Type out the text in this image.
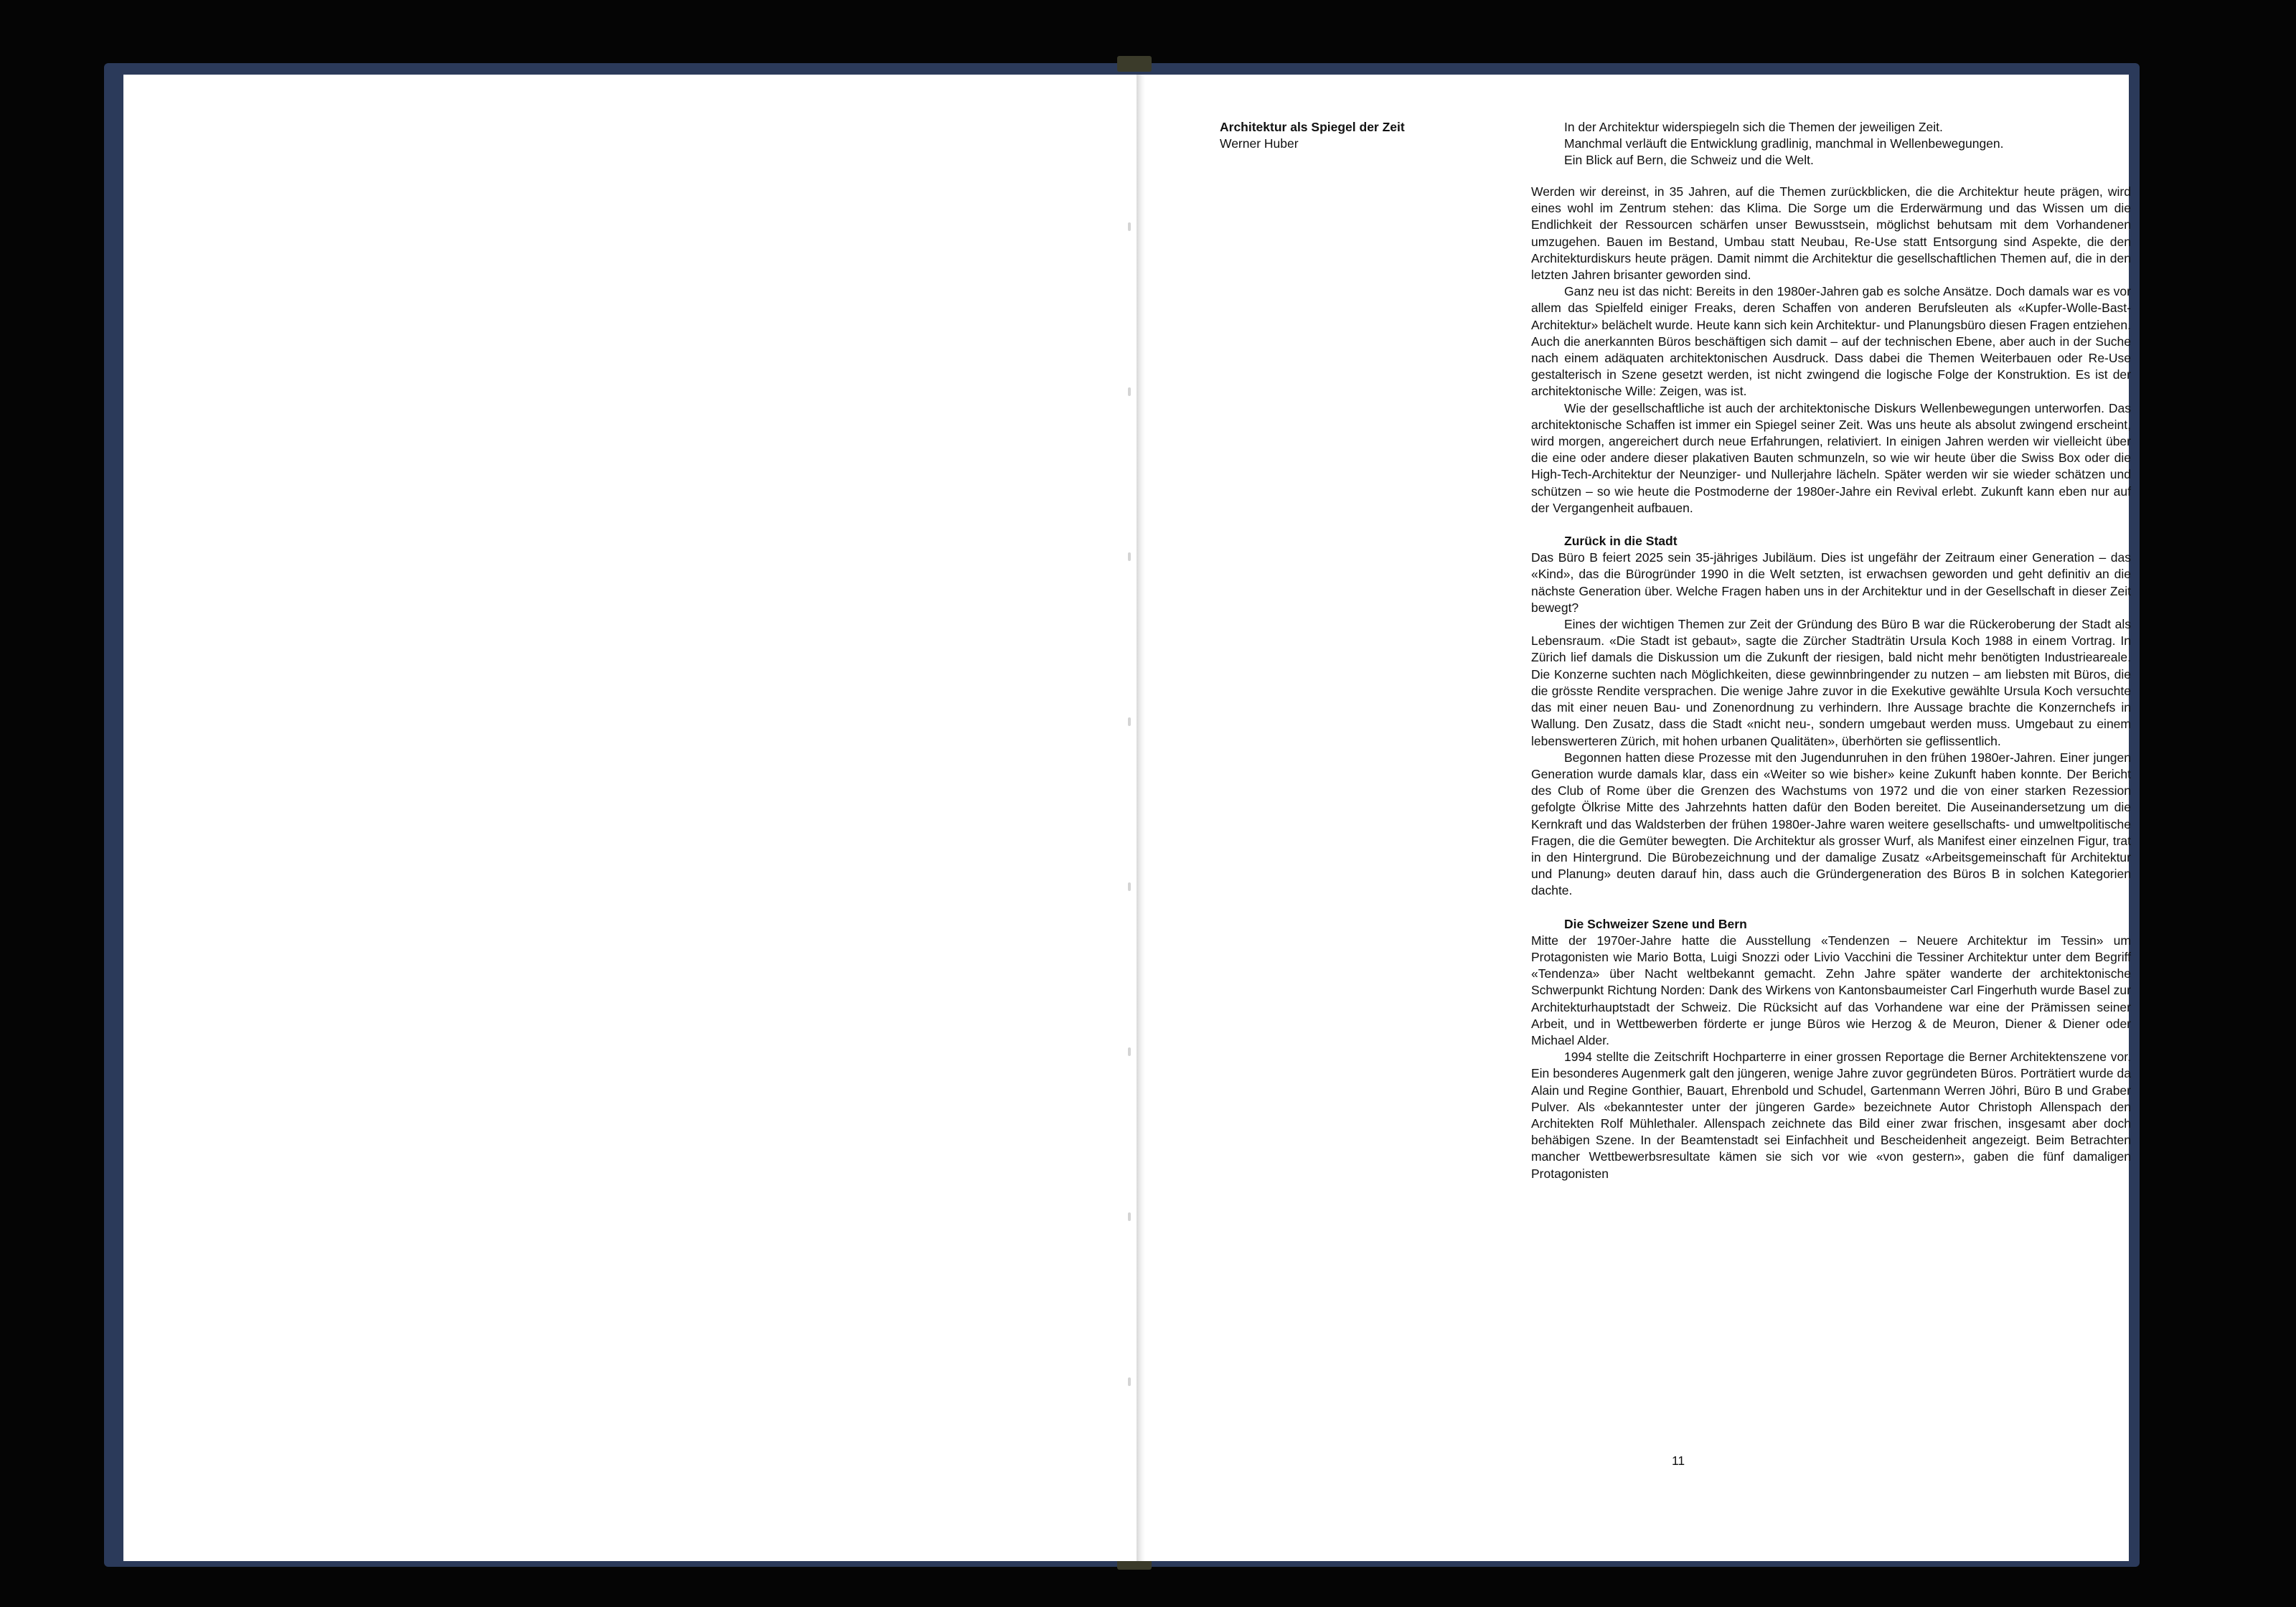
Architektur als Spiegel der Zeit
Werner Huber
In der Architektur widerspiegeln sich die Themen der jeweiligen Zeit.
Manchmal verläuft die Entwicklung gradlinig, manchmal in Wellenbewegungen.
Ein Blick auf Bern, die Schweiz und die Welt.

Werden wir dereinst, in 35 Jahren, auf die Themen zurückblicken, die die Architektur heute prägen, wird eines wohl im Zentrum stehen: das Klima. Die Sorge um die Erderwärmung und das Wissen um die Endlichkeit der Ressourcen schärfen unser Bewusstsein, möglichst behutsam mit dem Vorhandenen umzugehen. Bauen im Bestand, Umbau statt Neubau, Re-Use statt Entsorgung sind Aspekte, die den Architekturdiskurs heute prägen. Damit nimmt die Architektur die gesellschaftlichen Themen auf, die in den letzten Jahren brisanter geworden sind.

Ganz neu ist das nicht: Bereits in den 1980er-Jahren gab es solche Ansätze. Doch damals war es vor allem das Spielfeld einiger Freaks, deren Schaffen von anderen Berufsleuten als «Kupfer-Wolle-Bast-Architektur» belächelt wurde. Heute kann sich kein Architektur- und Planungsbüro diesen Fragen entziehen. Auch die anerkannten Büros beschäftigen sich damit – auf der technischen Ebene, aber auch in der Suche nach einem adäquaten architektonischen Ausdruck. Dass dabei die Themen Weiterbauen oder Re-Use gestalterisch in Szene gesetzt werden, ist nicht zwingend die logische Folge der Konstruktion. Es ist der architektonische Wille: Zeigen, was ist.

Wie der gesellschaftliche ist auch der architektonische Diskurs Wellenbewegungen unterworfen. Das architektonische Schaffen ist immer ein Spiegel seiner Zeit. Was uns heute als absolut zwingend erscheint, wird morgen, angereichert durch neue Erfahrungen, relativiert. In einigen Jahren werden wir vielleicht über die eine oder andere dieser plakativen Bauten schmunzeln, so wie wir heute über die Swiss Box oder die High-Tech-Architektur der Neunziger- und Nullerjahre lächeln. Später werden wir sie wieder schätzen und schützen – so wie heute die Postmoderne der 1980er-Jahre ein Revival erlebt. Zukunft kann eben nur auf der Vergangenheit aufbauen.

Zurück in die Stadt

Das Büro B feiert 2025 sein 35-jähriges Jubiläum. Dies ist ungefähr der Zeitraum einer Generation – das «Kind», das die Bürogründer 1990 in die Welt setzten, ist erwachsen geworden und geht definitiv an die nächste Generation über. Welche Fragen haben uns in der Architektur und in der Gesellschaft in dieser Zeit bewegt?

Eines der wichtigen Themen zur Zeit der Gründung des Büro B war die Rückeroberung der Stadt als Lebensraum. «Die Stadt ist gebaut», sagte die Zürcher Stadträtin Ursula Koch 1988 in einem Vortrag. In Zürich lief damals die Diskussion um die Zukunft der riesigen, bald nicht mehr benötigten Industrieareale. Die Konzerne suchten nach Möglichkeiten, diese gewinnbringender zu nutzen – am liebsten mit Büros, die die grösste Rendite versprachen. Die wenige Jahre zuvor in die Exekutive gewählte Ursula Koch versuchte das mit einer neuen Bau- und Zonenordnung zu verhindern. Ihre Aussage brachte die Konzernchefs in Wallung. Den Zusatz, dass die Stadt «nicht neu-, sondern umgebaut werden muss. Umgebaut zu einem lebenswerteren Zürich, mit hohen urbanen Qualitäten», überhörten sie geflissentlich.

Begonnen hatten diese Prozesse mit den Jugendunruhen in den frühen 1980er-Jahren. Einer jungen Generation wurde damals klar, dass ein «Weiter so wie bisher» keine Zukunft haben konnte. Der Bericht des Club of Rome über die Grenzen des Wachstums von 1972 und die von einer starken Rezession gefolgte Ölkrise Mitte des Jahrzehnts hatten dafür den Boden bereitet. Die Auseinandersetzung um die Kernkraft und das Waldsterben der frühen 1980er-Jahre waren weitere gesellschafts- und umweltpolitische Fragen, die die Gemüter bewegten. Die Architektur als grosser Wurf, als Manifest einer einzelnen Figur, trat in den Hintergrund. Die Bürobezeichnung und der damalige Zusatz «Arbeitsgemeinschaft für Architektur und Planung» deuten darauf hin, dass auch die Gründergeneration des Büros B in solchen Kategorien dachte.

Die Schweizer Szene und Bern

Mitte der 1970er-Jahre hatte die Ausstellung «Tendenzen – Neuere Architektur im Tessin» um Protagonisten wie Mario Botta, Luigi Snozzi oder Livio Vacchini die Tessiner Architektur unter dem Begriff «Tendenza» über Nacht weltbekannt gemacht. Zehn Jahre später wanderte der architektonische Schwerpunkt Richtung Norden: Dank des Wirkens von Kantonsbaumeister Carl Fingerhuth wurde Basel zur Architekturhauptstadt der Schweiz. Die Rücksicht auf das Vorhandene war eine der Prämissen seiner Arbeit, und in Wettbewerben förderte er junge Büros wie Herzog & de Meuron, Diener & Diener oder Michael Alder.

1994 stellte die Zeitschrift Hochparterre in einer grossen Reportage die Berner Architektenszene vor. Ein besonderes Augenmerk galt den jüngeren, wenige Jahre zuvor gegründeten Büros. Porträtiert wurde da Alain und Regine Gonthier, Bauart, Ehrenbold und Schudel, Gartenmann Werren Jöhri, Büro B und Graber Pulver. Als «bekanntester unter der jüngeren Garde» bezeichnete Autor Christoph Allenspach den Architekten Rolf Mühlethaler. Allenspach zeichnete das Bild einer zwar frischen, insgesamt aber doch behäbigen Szene. In der Beamtenstadt sei Einfachheit und Bescheidenheit angezeigt. Beim Betrachten mancher Wettbewerbsresultate kämen sie sich vor wie «von gestern», gaben die fünf damaligen Protagonisten

11
